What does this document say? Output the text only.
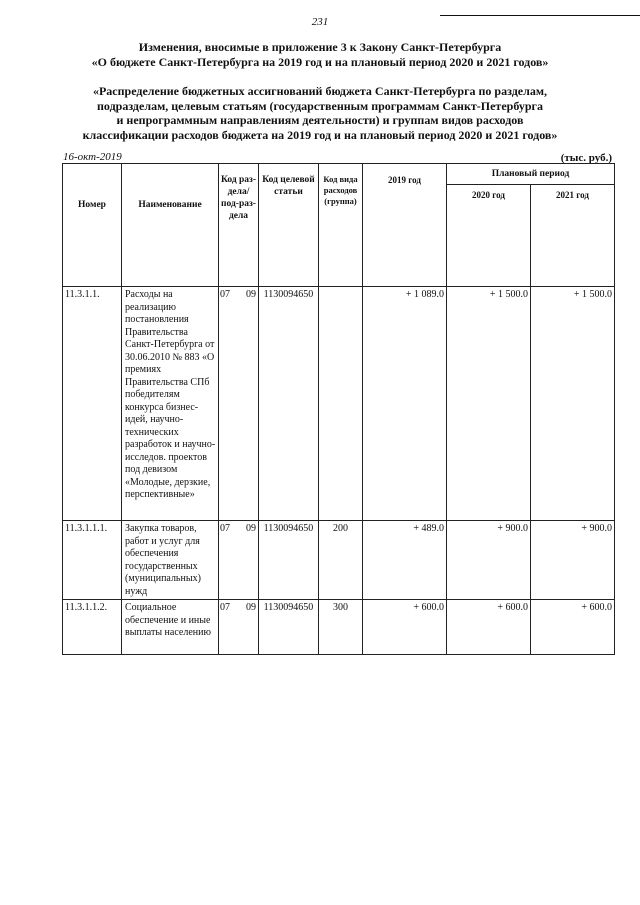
231
Изменения, вносимые в приложение 3 к Закону Санкт-Петербурга
«О бюджете Санкт-Петербурга на 2019 год и на плановый период 2020 и 2021 годов»
«Распределение бюджетных ассигнований бюджета Санкт-Петербурга по разделам,
подразделам, целевым статьям (государственным программам Санкт-Петербурга
и непрограммным направлениям деятельности) и группам видов расходов
классификации расходов бюджета на 2019 год и на плановый период 2020 и 2021 годов»
16-окт-2019	(тыс. руб.)
Номер	Наименование	Код раз-дела/ под-раз-дела	Код целевой статьи	Код вида расходов (группа)	2019 год	Плановый период	
						2020 год	2021 год
11.3.1.1.	Расходы на реализацию постановления Правительства Санкт-Петербурга от 30.06.2010 № 883 «О премиях Правительства СПб победителям конкурса бизнес-идей, научно-технических разработок и научно-исследов. проектов под девизом «Молодые, дерзкие, перспективные»	07 09	1130094650		+ 1 089.0	+ 1 500.0	+ 1 500.0
11.3.1.1.1.	Закупка товаров, работ и услуг для обеспечения государственных (муниципальных) нужд	07 09	1130094650	200	+ 489.0	+ 900.0	+ 900.0
11.3.1.1.2.	Социальное обеспечение и иные выплаты населению	07 09	1130094650	300	+ 600.0	+ 600.0	+ 600.0
